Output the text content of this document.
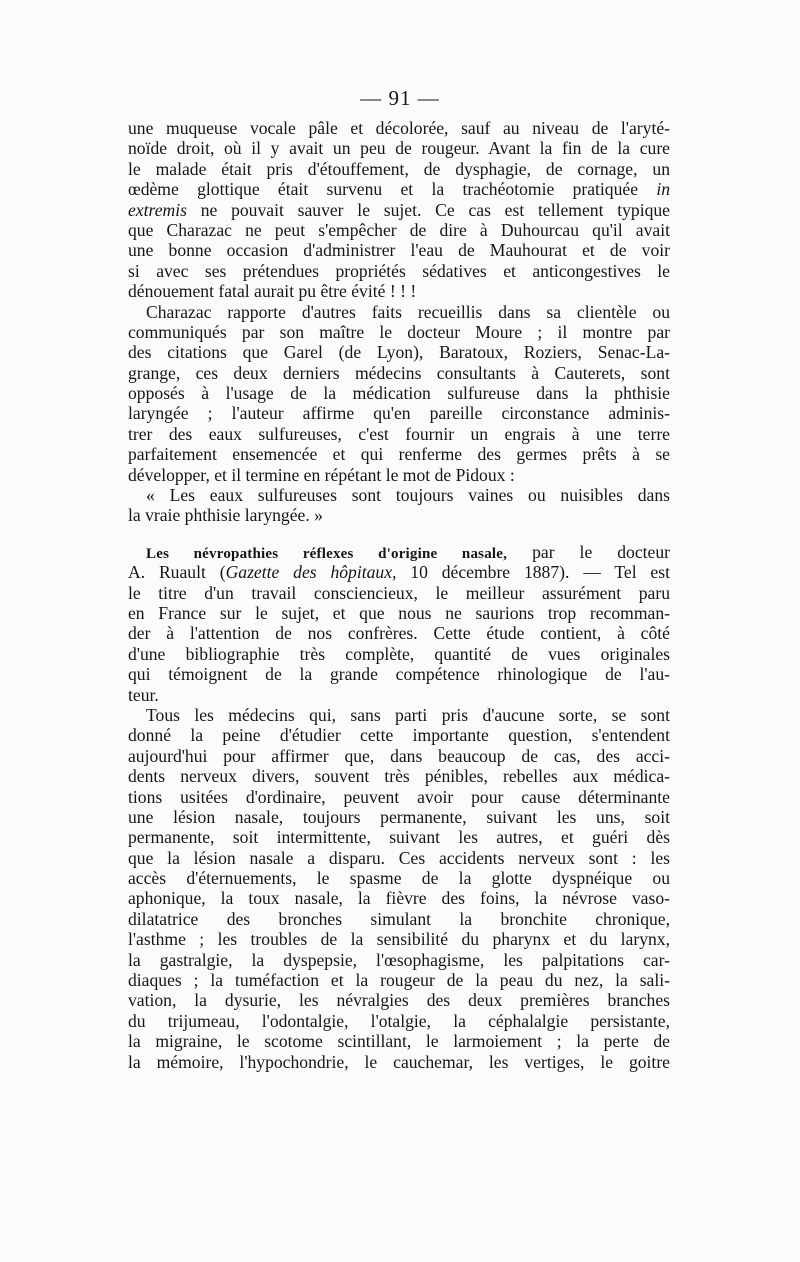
— 91 —
une muqueuse vocale pâle et décolorée, sauf au niveau de l'aryté-
noïde droit, où il y avait un peu de rougeur. Avant la fin de la cure
le malade était pris d'étouffement, de dysphagie, de cornage, un
œdème glottique était survenu et la trachéotomie pratiquée in
extremis ne pouvait sauver le sujet. Ce cas est tellement typique
que Charazac ne peut s'empêcher de dire à Duhourcau qu'il avait
une bonne occasion d'administrer l'eau de Mauhourat et de voir
si avec ses prétendues propriétés sédatives et anticongestives le
dénouement fatal aurait pu être évité ! ! !
Charazac rapporte d'autres faits recueillis dans sa clientèle ou
communiqués par son maître le docteur Moure ; il montre par
des citations que Garel (de Lyon), Baratoux, Roziers, Senac-La-
grange, ces deux derniers médecins consultants à Cauterets, sont
opposés à l'usage de la médication sulfureuse dans la phthisie
laryngée ; l'auteur affirme qu'en pareille circonstance adminis-
trer des eaux sulfureuses, c'est fournir un engrais à une terre
parfaitement ensemencée et qui renferme des germes prêts à se
développer, et il termine en répétant le mot de Pidoux :
« Les eaux sulfureuses sont toujours vaines ou nuisibles dans
la vraie phthisie laryngée. »
Les névropathies réflexes d'origine nasale, par le docteur
A. Ruault (Gazette des hôpitaux, 10 décembre 1887). — Tel est
le titre d'un travail consciencieux, le meilleur assurément paru
en France sur le sujet, et que nous ne saurions trop recomman-
der à l'attention de nos confrères. Cette étude contient, à côté
d'une bibliographie très complète, quantité de vues originales
qui témoignent de la grande compétence rhinologique de l'au-
teur.
Tous les médecins qui, sans parti pris d'aucune sorte, se sont
donné la peine d'étudier cette importante question, s'entendent
aujourd'hui pour affirmer que, dans beaucoup de cas, des acci-
dents nerveux divers, souvent très pénibles, rebelles aux médica-
tions usitées d'ordinaire, peuvent avoir pour cause déterminante
une lésion nasale, toujours permanente, suivant les uns, soit
permanente, soit intermittente, suivant les autres, et guéri dès
que la lésion nasale a disparu. Ces accidents nerveux sont : les
accès d'éternuements, le spasme de la glotte dyspnéique ou
aphonique, la toux nasale, la fièvre des foins, la névrose vaso-
dilatatrice des bronches simulant la bronchite chronique,
l'asthme ; les troubles de la sensibilité du pharynx et du larynx,
la gastralgie, la dyspepsie, l'œsophagisme, les palpitations car-
diaques ; la tuméfaction et la rougeur de la peau du nez, la sali-
vation, la dysurie, les névralgies des deux premières branches
du trijumeau, l'odontalgie, l'otalgie, la céphalalgie persistante,
la migraine, le scotome scintillant, le larmoiement ; la perte de
la mémoire, l'hypochondrie, le cauchemar, les vertiges, le goitre
